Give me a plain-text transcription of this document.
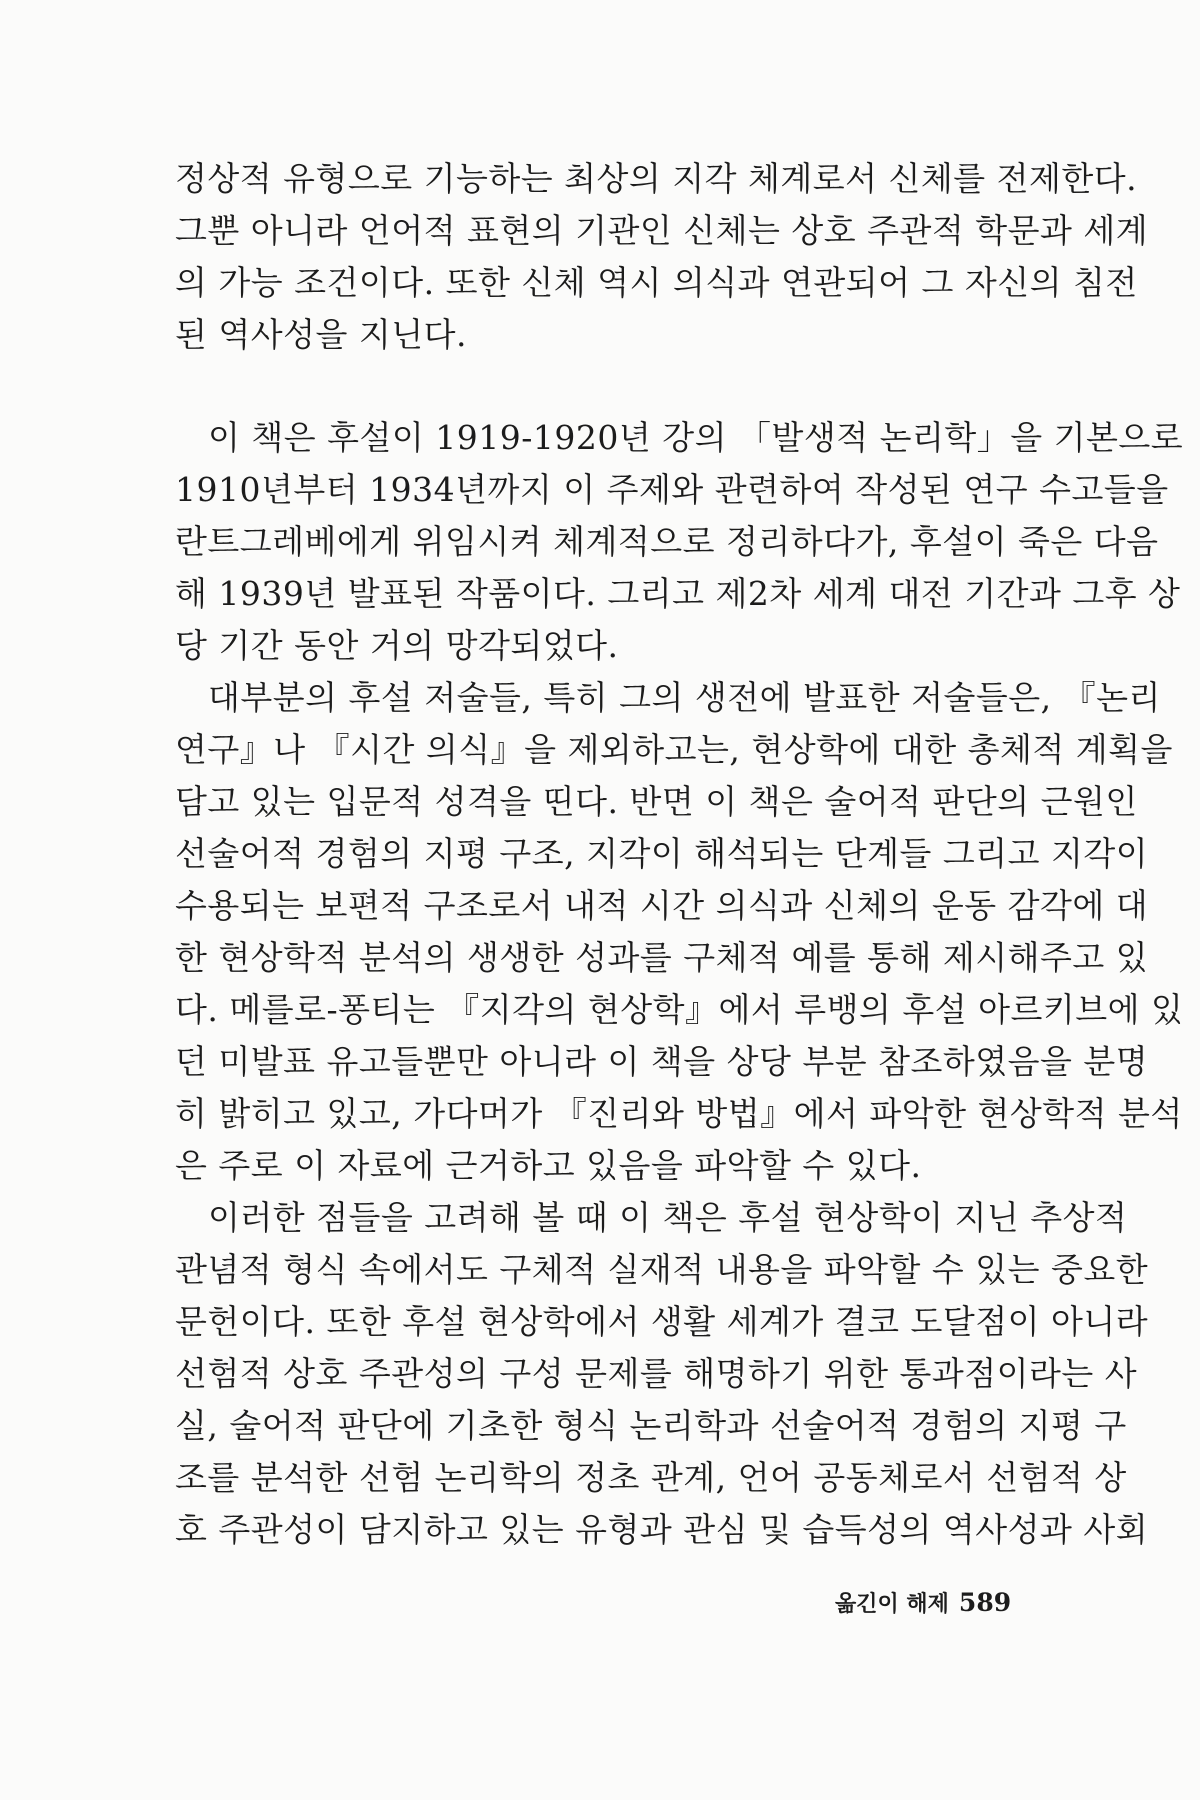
정상적 유형으로 기능하는 최상의 지각 체계로서 신체를 전제한다.
그뿐 아니라 언어적 표현의 기관인 신체는 상호 주관적 학문과 세계
의 가능 조건이다. 또한 신체 역시 의식과 연관되어 그 자신의 침전
된 역사성을 지닌다.
이 책은 후설이 1919-1920년 강의 「발생적 논리학」을 기본으로
1910년부터 1934년까지 이 주제와 관련하여 작성된 연구 수고들을
란트그레베에게 위임시켜 체계적으로 정리하다가, 후설이 죽은 다음
해 1939년 발표된 작품이다. 그리고 제2차 세계 대전 기간과 그후 상
당 기간 동안 거의 망각되었다.
대부분의 후설 저술들, 특히 그의 생전에 발표한 저술들은, 『논리
연구』나 『시간 의식』을 제외하고는, 현상학에 대한 총체적 계획을
담고 있는 입문적 성격을 띤다. 반면 이 책은 술어적 판단의 근원인
선술어적 경험의 지평 구조, 지각이 해석되는 단계들 그리고 지각이
수용되는 보편적 구조로서 내적 시간 의식과 신체의 운동 감각에 대
한 현상학적 분석의 생생한 성과를 구체적 예를 통해 제시해주고 있
다. 메를로-퐁티는 『지각의 현상학』에서 루뱅의 후설 아르키브에 있
던 미발표 유고들뿐만 아니라 이 책을 상당 부분 참조하였음을 분명
히 밝히고 있고, 가다머가 『진리와 방법』에서 파악한 현상학적 분석
은 주로 이 자료에 근거하고 있음을 파악할 수 있다.
이러한 점들을 고려해 볼 때 이 책은 후설 현상학이 지닌 추상적
관념적 형식 속에서도 구체적 실재적 내용을 파악할 수 있는 중요한
문헌이다. 또한 후설 현상학에서 생활 세계가 결코 도달점이 아니라
선험적 상호 주관성의 구성 문제를 해명하기 위한 통과점이라는 사
실, 술어적 판단에 기초한 형식 논리학과 선술어적 경험의 지평 구
조를 분석한 선험 논리학의 정초 관계, 언어 공동체로서 선험적 상
호 주관성이 담지하고 있는 유형과 관심 및 습득성의 역사성과 사회
옮긴이 해제 589
